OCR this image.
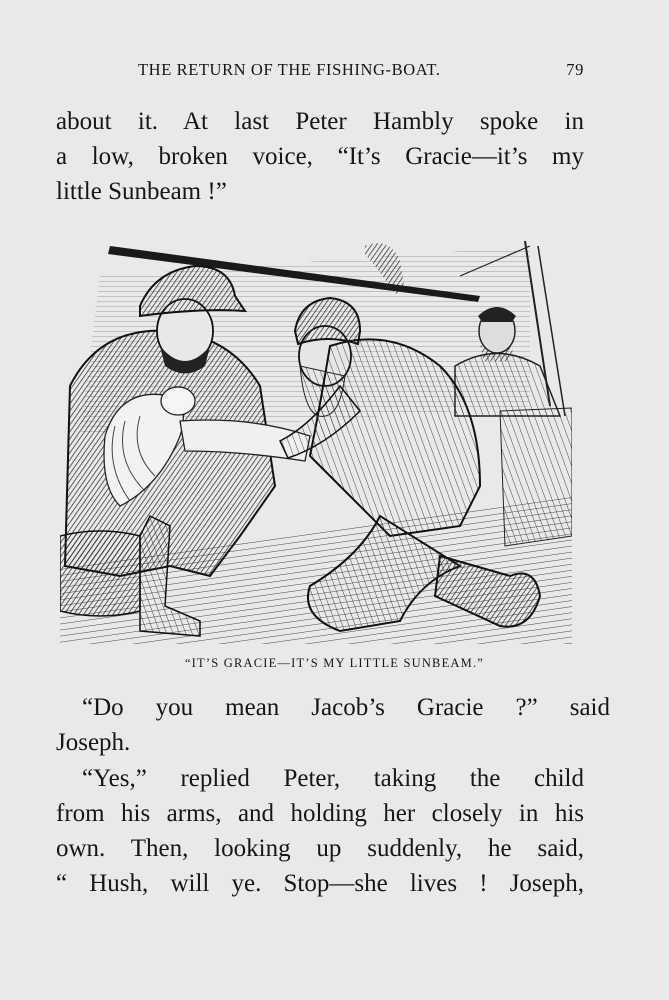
THE RETURN OF THE FISHING-BOAT.	79

about it. At last Peter Hambly spoke in
a low, broken voice, “It’s Gracie—it’s my
little Sunbeam !”

“IT’S GRACIE—IT’S MY LITTLE SUNBEAM.”

“Do you mean Jacob’s Gracie ?” said
Joseph.

“Yes,” replied Peter, taking the child
from his arms, and holding her closely in his
own. Then, looking up suddenly, he said,
“ Hush, will ye. Stop—she lives ! Joseph,
